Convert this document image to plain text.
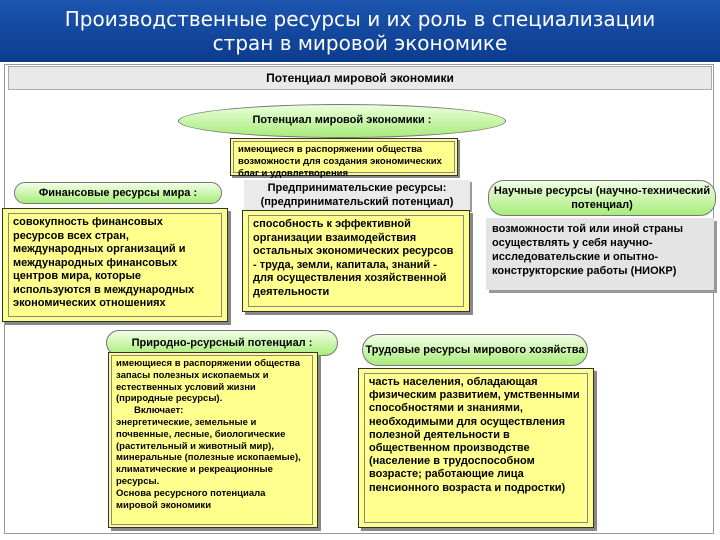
Производственные ресурсы и их роль в специализации
стран в мировой экономике
Потенциал мировой экономики
Потенциал мировой экономики :
имеющиеся в распоряжении общества возможности для создания экономических благ и удовлетворения
Финансовые ресурсы мира :
совокупность финансовых ресурсов всех стран, международных организаций и международных финансовых центров мира, которые используются в международных экономических отношениях
Предпринимательские ресурсы: (предпринимательский потенциал)
способность к эффективной организации взаимодействия остальных экономических ресурсов - труда, земли, капитала, знаний - для осуществления хозяйственной деятельности
Научные ресурсы (научно-технический потенциал)
возможности той или иной страны осуществлять у себя научно-исследовательские и опытно-конструкторские работы (НИОКР)
Природно-рсурсный потенциал :
имеющиеся в распоряжении общества запасы полезных ископаемых и естественных условий жизни (природные ресурсы).
Включает:
энергетические, земельные и почвенные, лесные, биологические (растительный и животный мир), минеральные (полезные ископаемые), климатические и рекреационные ресурсы.
Основа ресурсного потенциала мировой экономики
Трудовые ресурсы мирового хозяйства
часть населения, обладающая физическим развитием, умственными способностями и знаниями, необходимыми для осуществления полезной деятельности в общественном производстве (население в трудоспособном возрасте; работающие лица пенсионного возраста и подростки)
